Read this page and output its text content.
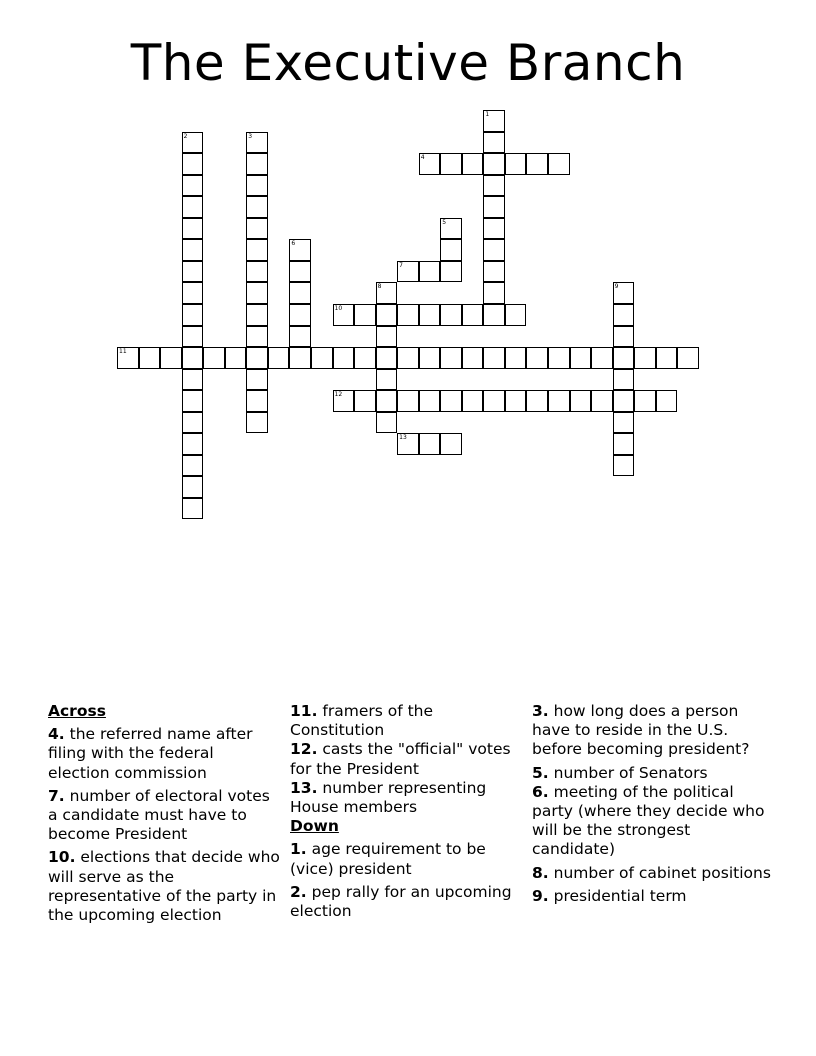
The Executive Branch
1
2	3
4
5
6
7
8	9
10
11
12
13
Across
4. the referred name after filing with the federal election commission
7. number of electoral votes a candidate must have to become President
10. elections that decide who will serve as the representative of the party in the upcoming election
11. framers of the Constitution
12. casts the "official" votes for the President
13. number representing House members
Down
1. age requirement to be (vice) president
2. pep rally for an upcoming election
3. how long does a person have to reside in the U.S. before becoming president?
5. number of Senators
6. meeting of the political party (where they decide who will be the strongest candidate)
8. number of cabinet positions
9. presidential term
